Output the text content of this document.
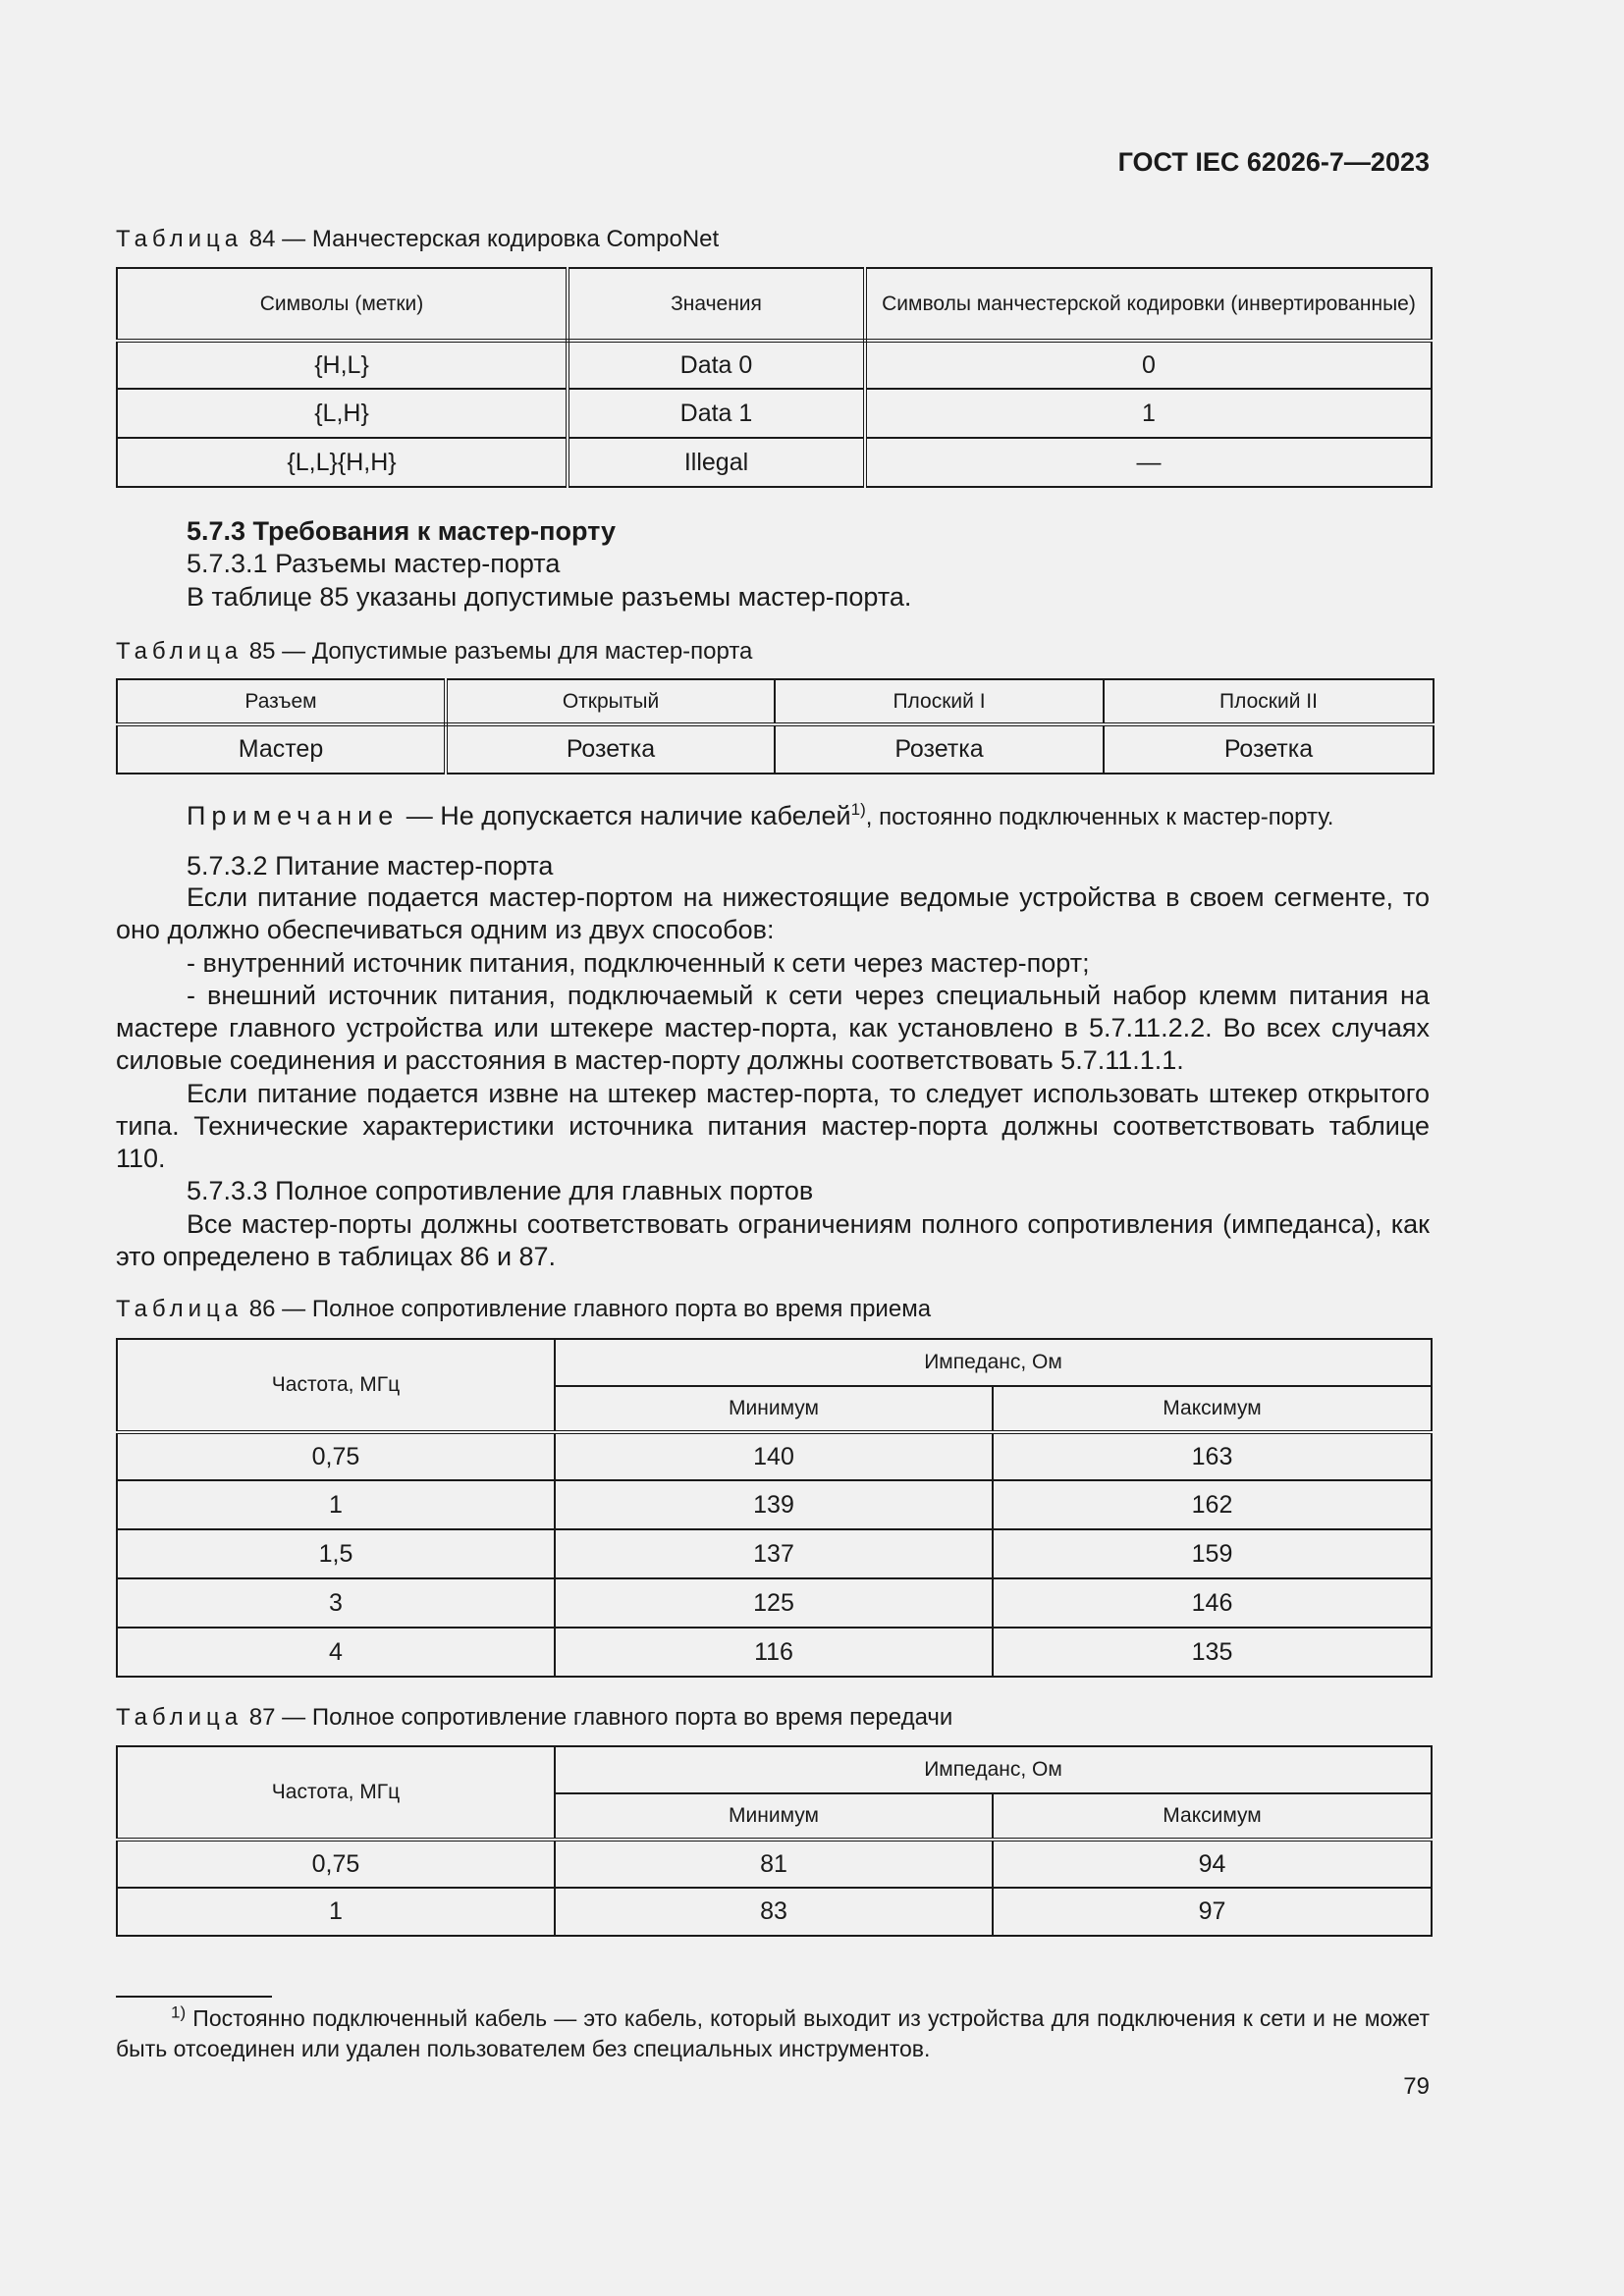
ГОСТ IEC 62026-7—2023
Таблица 84 — Манчестерская кодировка CompoNet
Символы (метки)	Значения	Символы манчестерской кодировки (инвертированные)
{H,L}	Data 0	0
{L,H}	Data 1	1
{L,L}{H,H}	Illegal	—
5.7.3 Требования к мастер-порту
5.7.3.1 Разъемы мастер-порта
В таблице 85 указаны допустимые разъемы мастер-порта.
Таблица 85 — Допустимые разъемы для мастер-порта
Разъем	Открытый	Плоский I	Плоский II
Мастер	Розетка	Розетка	Розетка
Примечание — Не допускается наличие кабелей$^{1)}$, постоянно подключенных к мастер-порту.
5.7.3.2 Питание мастер-порта
Если питание подается мастер-портом на нижестоящие ведомые устройства в своем сегменте, то оно должно обеспечиваться одним из двух способов:
- внутренний источник питания, подключенный к сети через мастер-порт;
- внешний источник питания, подключаемый к сети через специальный набор клемм питания на мастере главного устройства или штекере мастер-порта, как установлено в 5.7.11.2.2. Во всех случаях силовые соединения и расстояния в мастер-порту должны соответствовать 5.7.11.1.1.
Если питание подается извне на штекер мастер-порта, то следует использовать штекер открытого типа. Технические характеристики источника питания мастер-порта должны соответствовать таблице 110.
5.7.3.3 Полное сопротивление для главных портов
Все мастер-порты должны соответствовать ограничениям полного сопротивления (импеданса), как это определено в таблицах 86 и 87.
Таблица 86 — Полное сопротивление главного порта во время приема
Частота, МГц	Импеданс, Ом	
	Минимум	Максимум
0,75	140	163
1	139	162
1,5	137	159
3	125	146
4	116	135
Таблица 87 — Полное сопротивление главного порта во время передачи
Частота, МГц	Импеданс, Ом	
	Минимум	Максимум
0,75	81	94
1	83	97
$^{1)}$ Постоянно подключенный кабель — это кабель, который выходит из устройства для подключения к сети и не может быть отсоединен или удален пользователем без специальных инструментов.
79
